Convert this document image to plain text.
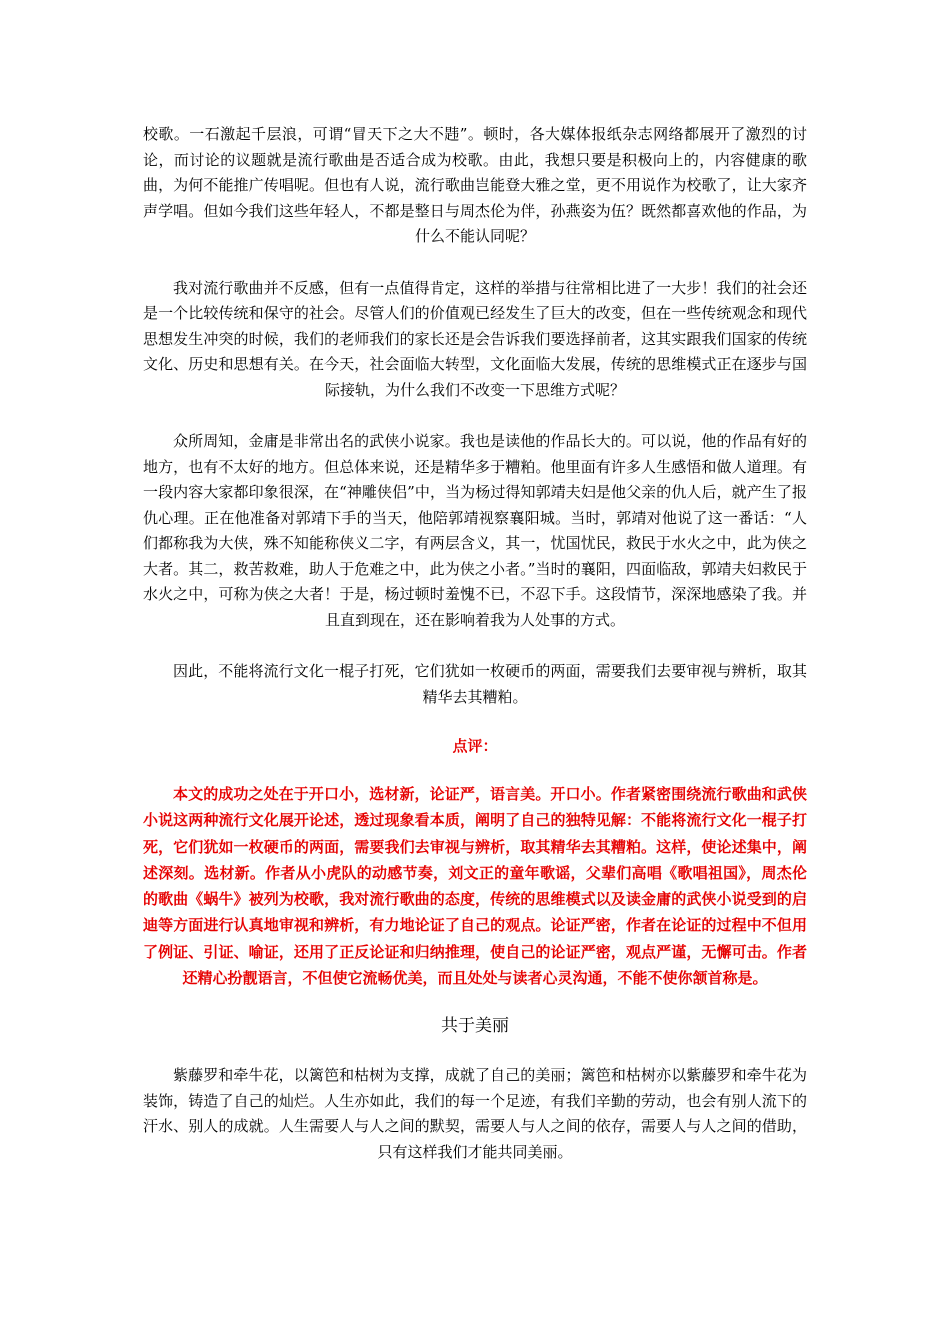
校歌。一石激起千层浪，可谓“冒天下之大不韪”。顿时，各大媒体报纸杂志网络都展开了激烈的讨论，而讨论的议题就是流行歌曲是否适合成为校歌。由此，我想只要是积极向上的，内容健康的歌曲，为何不能推广传唱呢。但也有人说，流行歌曲岂能登大雅之堂，更不用说作为校歌了，让大家齐声学唱。但如今我们这些年轻人，不都是整日与周杰伦为伴，孙燕姿为伍？既然都喜欢他的作品，为什么不能认同呢？

我对流行歌曲并不反感，但有一点值得肯定，这样的举措与往常相比进了一大步！我们的社会还是一个比较传统和保守的社会。尽管人们的价值观已经发生了巨大的改变，但在一些传统观念和现代思想发生冲突的时候，我们的老师我们的家长还是会告诉我们要选择前者，这其实跟我们国家的传统文化、历史和思想有关。在今天，社会面临大转型，文化面临大发展，传统的思维模式正在逐步与国际接轨，为什么我们不改变一下思维方式呢？

众所周知，金庸是非常出名的武侠小说家。我也是读他的作品长大的。可以说，他的作品有好的地方，也有不太好的地方。但总体来说，还是精华多于糟粕。他里面有许多人生感悟和做人道理。有一段内容大家都印象很深，在“神雕侠侣”中，当为杨过得知郭靖夫妇是他父亲的仇人后，就产生了报仇心理。正在他准备对郭靖下手的当天，他陪郭靖视察襄阳城。当时，郭靖对他说了这一番话：“人们都称我为大侠，殊不知能称侠义二字，有两层含义，其一，忧国忧民，救民于水火之中，此为侠之大者。其二，救苦救难，助人于危难之中，此为侠之小者。”当时的襄阳，四面临敌，郭靖夫妇救民于水火之中，可称为侠之大者！于是，杨过顿时羞愧不已，不忍下手。这段情节，深深地感染了我。并且直到现在，还在影响着我为人处事的方式。

因此，不能将流行文化一棍子打死，它们犹如一枚硬币的两面，需要我们去要审视与辨析，取其精华去其糟粕。

点评：

本文的成功之处在于开口小，选材新，论证严，语言美。开口小。作者紧密围绕流行歌曲和武侠小说这两种流行文化展开论述，透过现象看本质，阐明了自己的独特见解：不能将流行文化一棍子打死，它们犹如一枚硬币的两面，需要我们去审视与辨析，取其精华去其糟粕。这样，使论述集中，阐述深刻。选材新。作者从小虎队的动感节奏，刘文正的童年歌谣，父辈们高唱《歌唱祖国》，周杰伦的歌曲《蜗牛》被列为校歌，我对流行歌曲的态度，传统的思维模式以及读金庸的武侠小说受到的启迪等方面进行认真地审视和辨析，有力地论证了自己的观点。论证严密，作者在论证的过程中不但用了例证、引证、喻证，还用了正反论证和归纳推理，使自己的论证严密，观点严谨，无懈可击。作者还精心扮靓语言，不但使它流畅优美，而且处处与读者心灵沟通，不能不使你颔首称是。

共于美丽

紫藤罗和牵牛花，以篱笆和枯树为支撑，成就了自己的美丽；篱笆和枯树亦以紫藤罗和牵牛花为装饰，铸造了自己的灿烂。人生亦如此，我们的每一个足迹，有我们辛勤的劳动，也会有别人流下的汗水、别人的成就。人生需要人与人之间的默契，需要人与人之间的依存，需要人与人之间的借助，只有这样我们才能共同美丽。
